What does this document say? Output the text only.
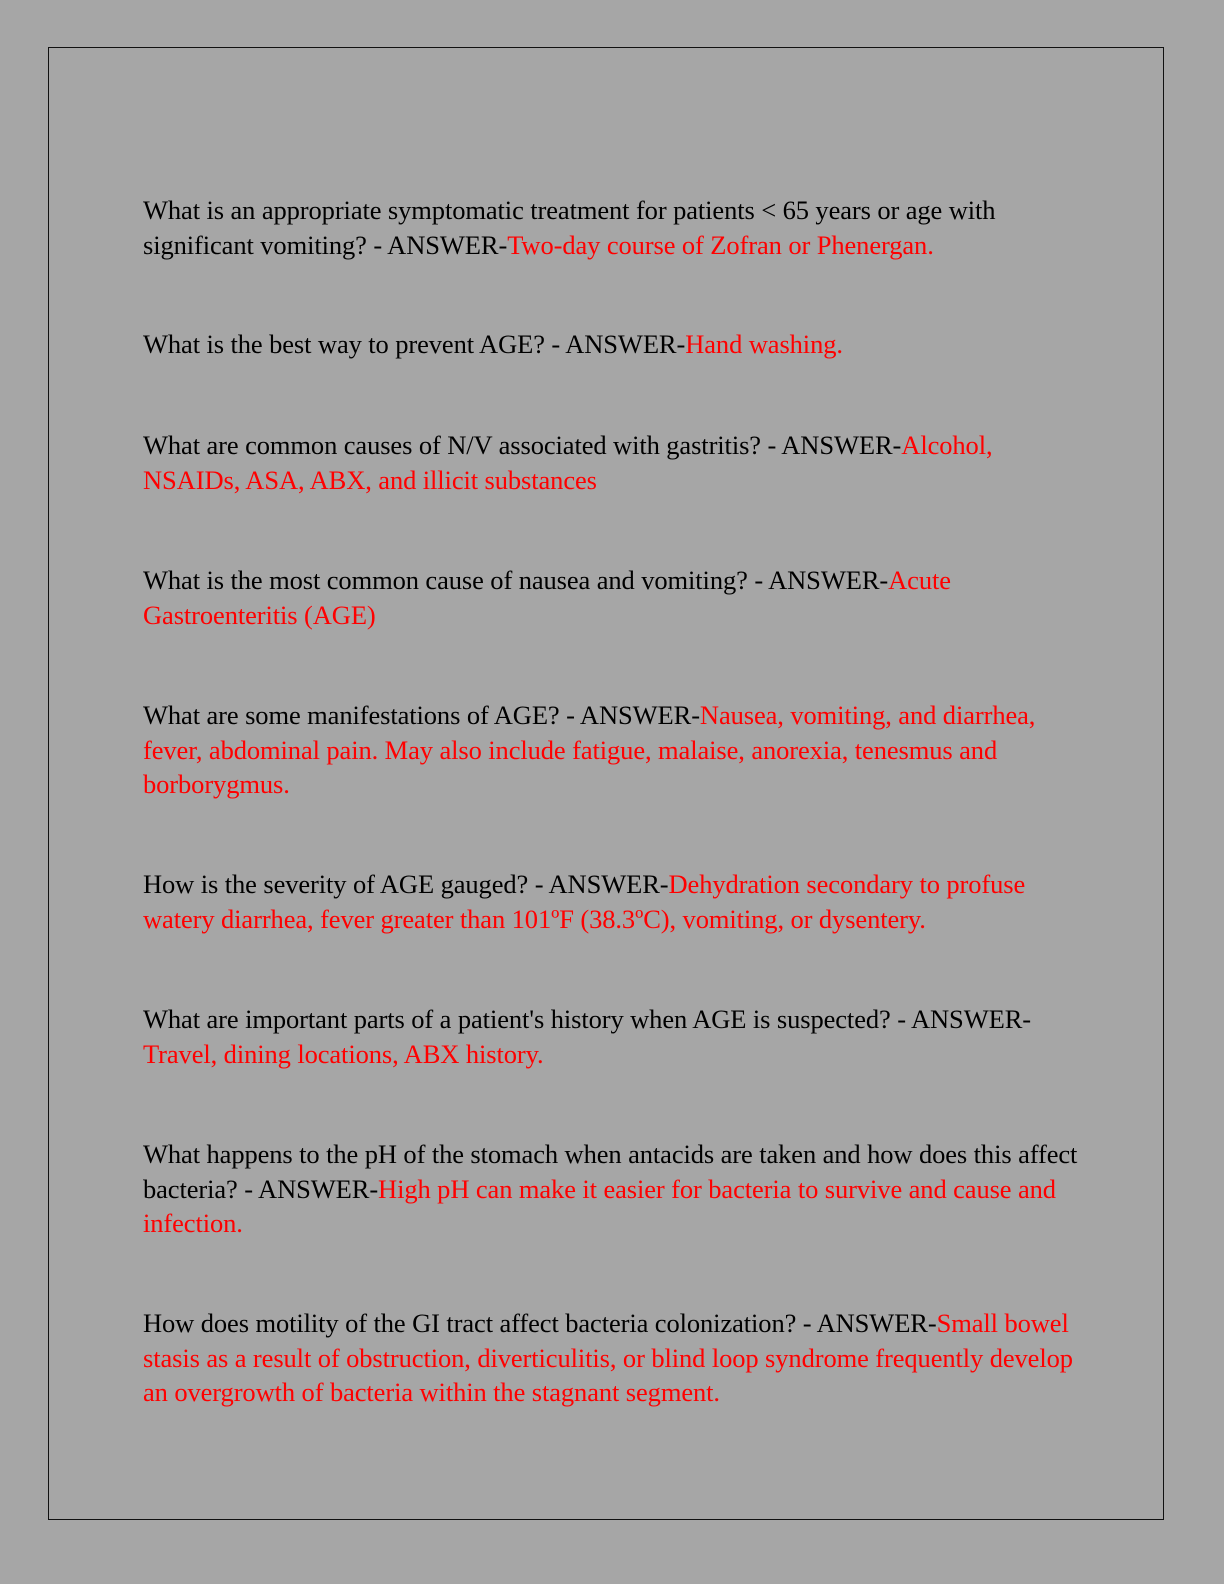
What is an appropriate symptomatic treatment for patients < 65 years or age with significant vomiting? - ANSWER-Two-day course of Zofran or Phenergan.
What is the best way to prevent AGE? - ANSWER-Hand washing.
What are common causes of N/V associated with gastritis? - ANSWER-Alcohol, NSAIDs, ASA, ABX, and illicit substances
What is the most common cause of nausea and vomiting? - ANSWER-Acute Gastroenteritis (AGE)
What are some manifestations of AGE? - ANSWER-Nausea, vomiting, and diarrhea, fever, abdominal pain. May also include fatigue, malaise, anorexia, tenesmus and borborygmus.
How is the severity of AGE gauged? - ANSWER-Dehydration secondary to profuse watery diarrhea, fever greater than 101ºF (38.3ºC), vomiting, or dysentery.
What are important parts of a patient's history when AGE is suspected? - ANSWER-Travel, dining locations, ABX history.
What happens to the pH of the stomach when antacids are taken and how does this affect bacteria? - ANSWER-High pH can make it easier for bacteria to survive and cause and infection.
How does motility of the GI tract affect bacteria colonization? - ANSWER-Small bowel stasis as a result of obstruction, diverticulitis, or blind loop syndrome frequently develop an overgrowth of bacteria within the stagnant segment.
